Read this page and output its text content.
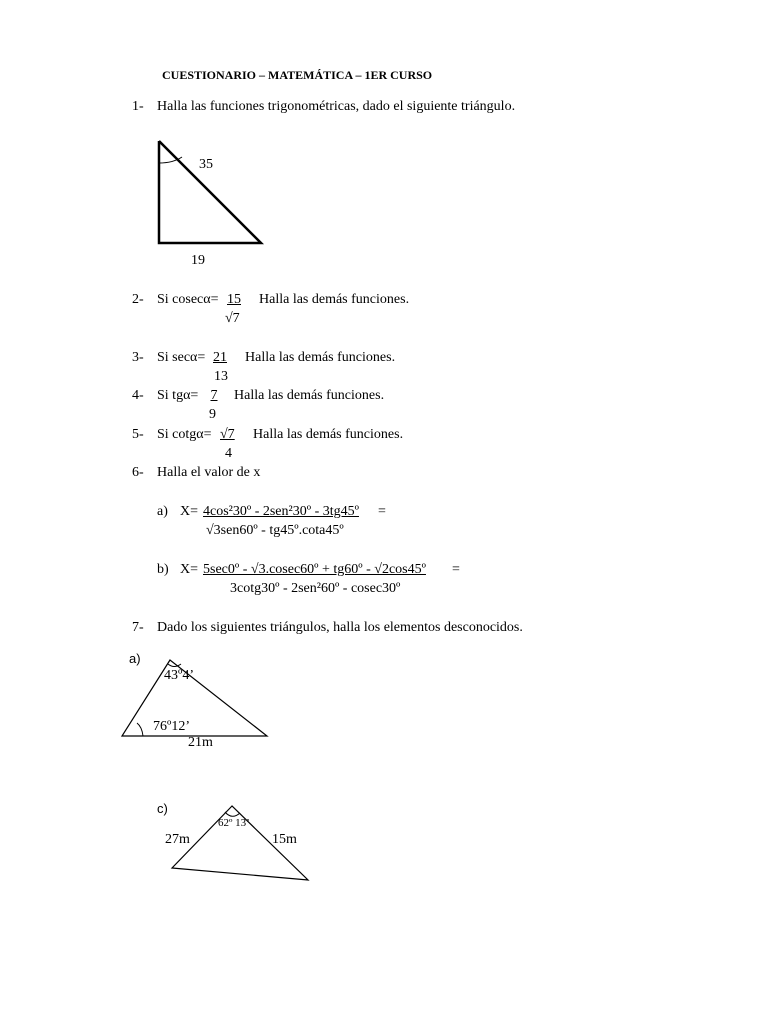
CUESTIONARIO – MATEMÁTICA – 1ER CURSO
1- Halla las funciones trigonométricas, dado el siguiente triángulo.
35
19
2- Si cosecα= 15	Halla las demás funciones.
√7
3- Si secα= 21	Halla las demás funciones.
13
4- Si tgα= 7	Halla las demás funciones.
9
5- Si cotgα= √7	Halla las demás funciones.
4
6- Halla el valor de x
a) X= 4cos²30º - 2sen²30º - 3tg45º =
√3sen60º - tg45º.cota45º
b) X= 5sec0º - √3.cosec60º + tg60º - √2cos45º =
3cotg30º - 2sen²60º - cosec30º
7- Dado los siguientes triángulos, halla los elementos desconocidos.
a)
43º4’
76º12’
21m
c)
62º 13’
27m	15m
